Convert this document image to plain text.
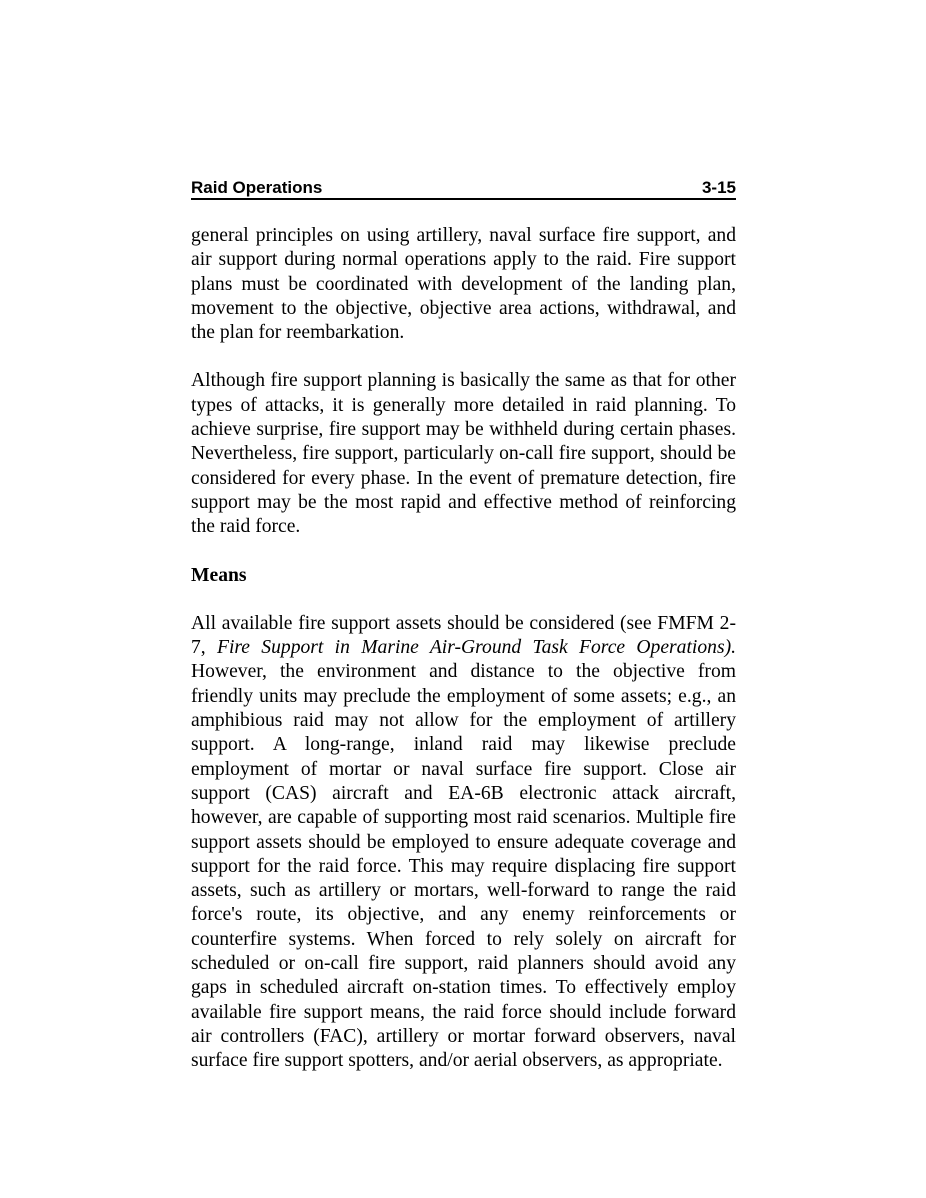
Raid Operations	3-15

general principles on using artillery, naval surface fire support, and air support during normal operations apply to the raid. Fire support plans must be coordinated with development of the landing plan, movement to the objective, objective area actions, withdrawal, and the plan for reembarkation.

Although fire support planning is basically the same as that for other types of attacks, it is generally more detailed in raid planning. To achieve surprise, fire support may be withheld during certain phases. Nevertheless, fire support, particularly on-call fire support, should be considered for every phase. In the event of premature detection, fire support may be the most rapid and effective method of reinforcing the raid force.

Means

All available fire support assets should be considered (see FMFM 2-7, Fire Support in Marine Air-Ground Task Force Operations). However, the environment and distance to the objective from friendly units may preclude the employment of some assets; e.g., an amphibious raid may not allow for the employment of artillery support. A long-range, inland raid may likewise preclude employment of mortar or naval surface fire support. Close air support (CAS) aircraft and EA-6B electronic attack aircraft, however, are capable of supporting most raid scenarios. Multiple fire support assets should be employed to ensure adequate coverage and support for the raid force. This may require displacing fire support assets, such as artillery or mortars, well-forward to range the raid force's route, its objective, and any enemy reinforcements or counterfire systems. When forced to rely solely on aircraft for scheduled or on-call fire support, raid planners should avoid any gaps in scheduled aircraft on-station times. To effectively employ available fire support means, the raid force should include forward air controllers (FAC), artillery or mortar forward observers, naval surface fire support spotters, and/or aerial observers, as appropriate.
